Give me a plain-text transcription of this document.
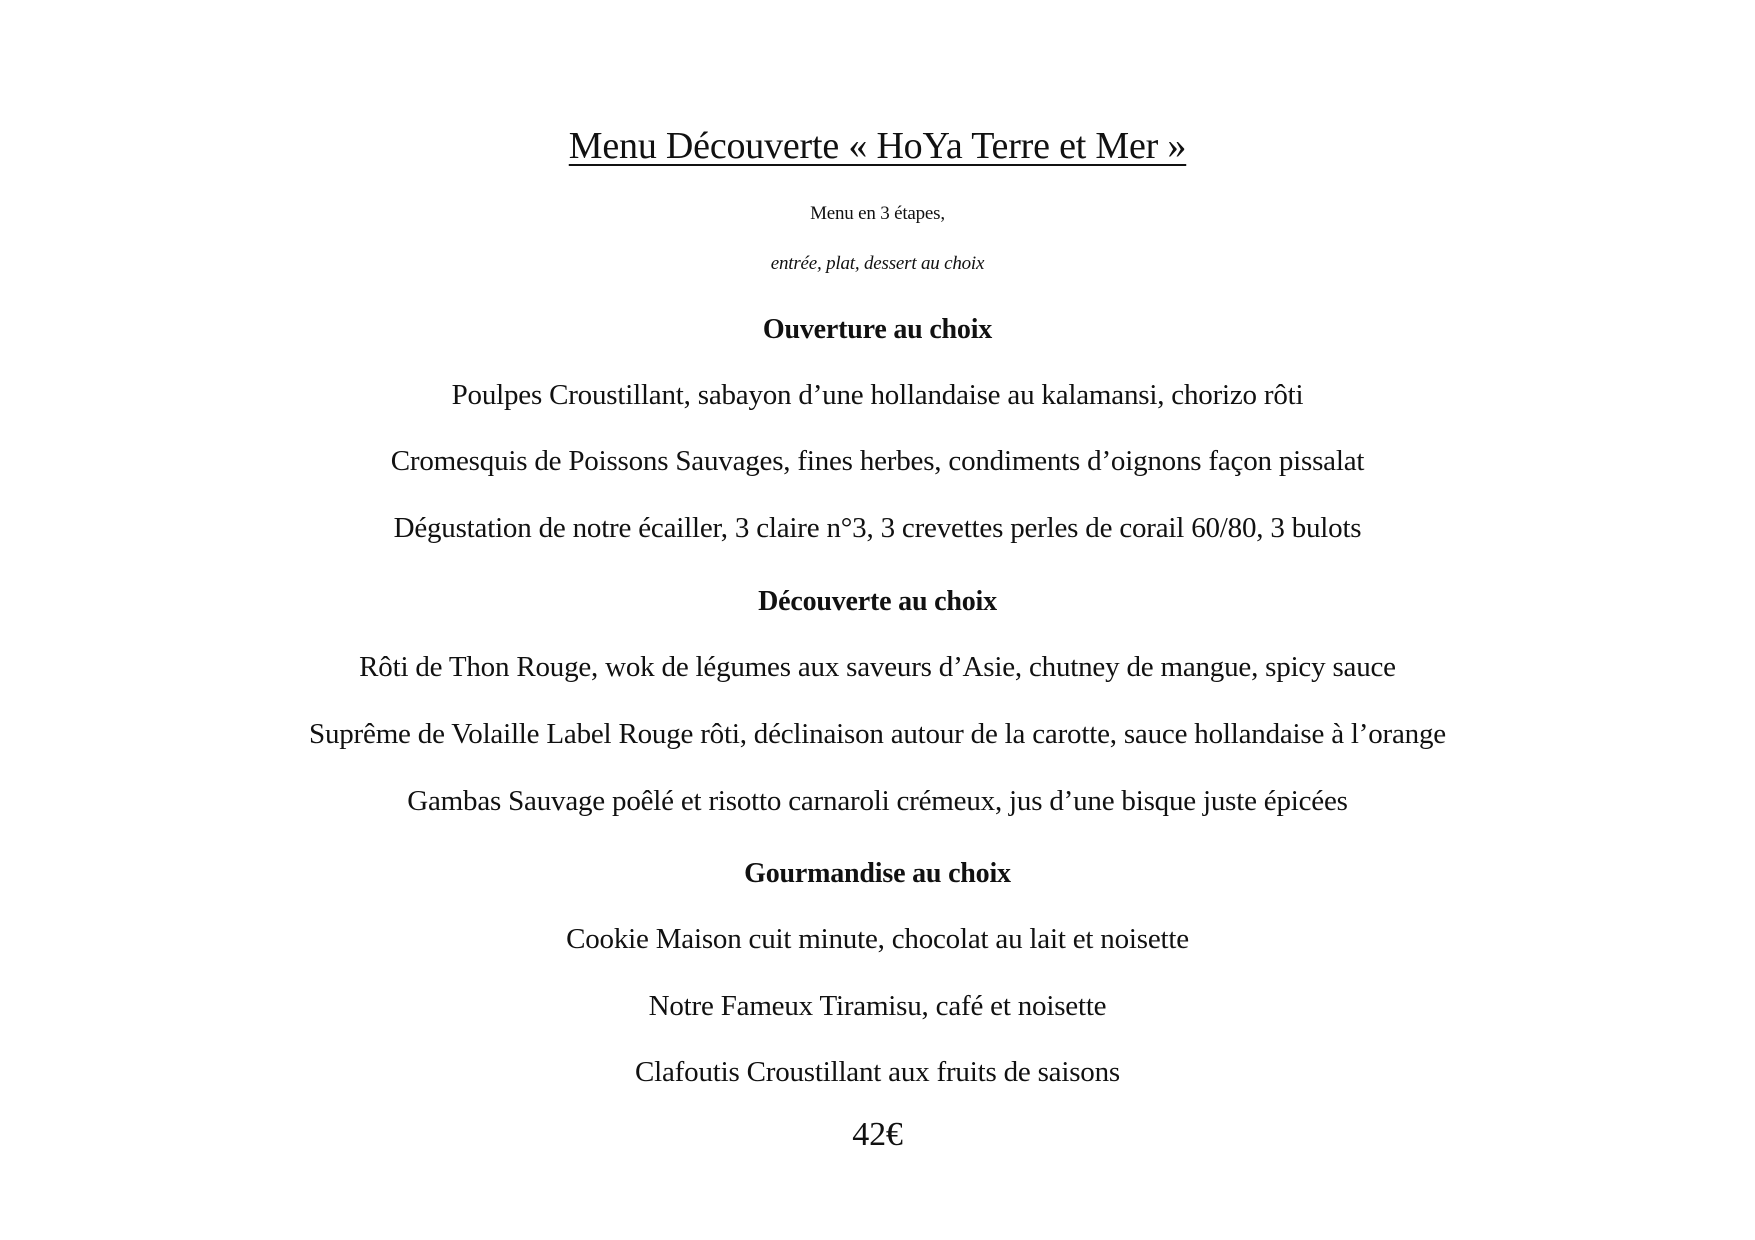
Menu Découverte « HoYa Terre et Mer »
Menu en 3 étapes,
entrée, plat, dessert au choix
Ouverture au choix
Poulpes Croustillant, sabayon d’une hollandaise au kalamansi, chorizo rôti
Cromesquis de Poissons Sauvages, fines herbes, condiments d’oignons façon pissalat
Dégustation de notre écailler, 3 claire n°3, 3 crevettes perles de corail 60/80, 3 bulots
Découverte au choix
Rôti de Thon Rouge, wok de légumes aux saveurs d’Asie, chutney de mangue, spicy sauce
Suprême de Volaille Label Rouge rôti, déclinaison autour de la carotte, sauce hollandaise à l’orange
Gambas Sauvage poêlé et risotto carnaroli crémeux, jus d’une bisque juste épicées
Gourmandise au choix
Cookie Maison cuit minute, chocolat au lait et noisette
Notre Fameux Tiramisu, café et noisette
Clafoutis Croustillant aux fruits de saisons
42€
